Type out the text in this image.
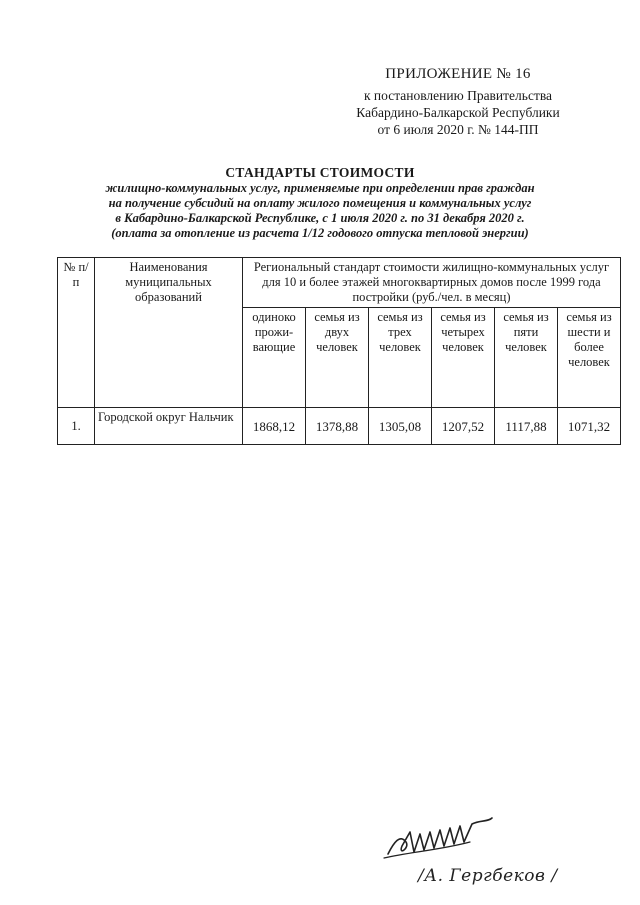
ПРИЛОЖЕНИЕ № 16
к постановлению Правительства
Кабардино-Балкарской Республики
от 6 июля 2020 г. № 144-ПП
СТАНДАРТЫ СТОИМОСТИ
жилищно-коммунальных услуг, применяемые при определении прав граждан
на получение субсидий на оплату жилого помещения и коммунальных услуг
в Кабардино-Балкарской Республике, с 1 июля 2020 г. по 31 декабря 2020 г.
(оплата за отопление из расчета 1/12 годового отпуска тепловой энергии)
№ п/п	Наименования муниципальных образований	Региональный стандарт стоимости жилищно-коммунальных услуг для 10 и более этажей многоквартирных домов после 1999 года постройки (руб./чел. в месяц)					
		одиноко прожи-вающие	семья из двух человек	семья из трех человек	семья из четырех человек	семья из пяти человек	семья из шести и более человек
1.	Городской округ Нальчик	1868,12	1378,88	1305,08	1207,52	1117,88	1071,32
/А. Гергбеков /
